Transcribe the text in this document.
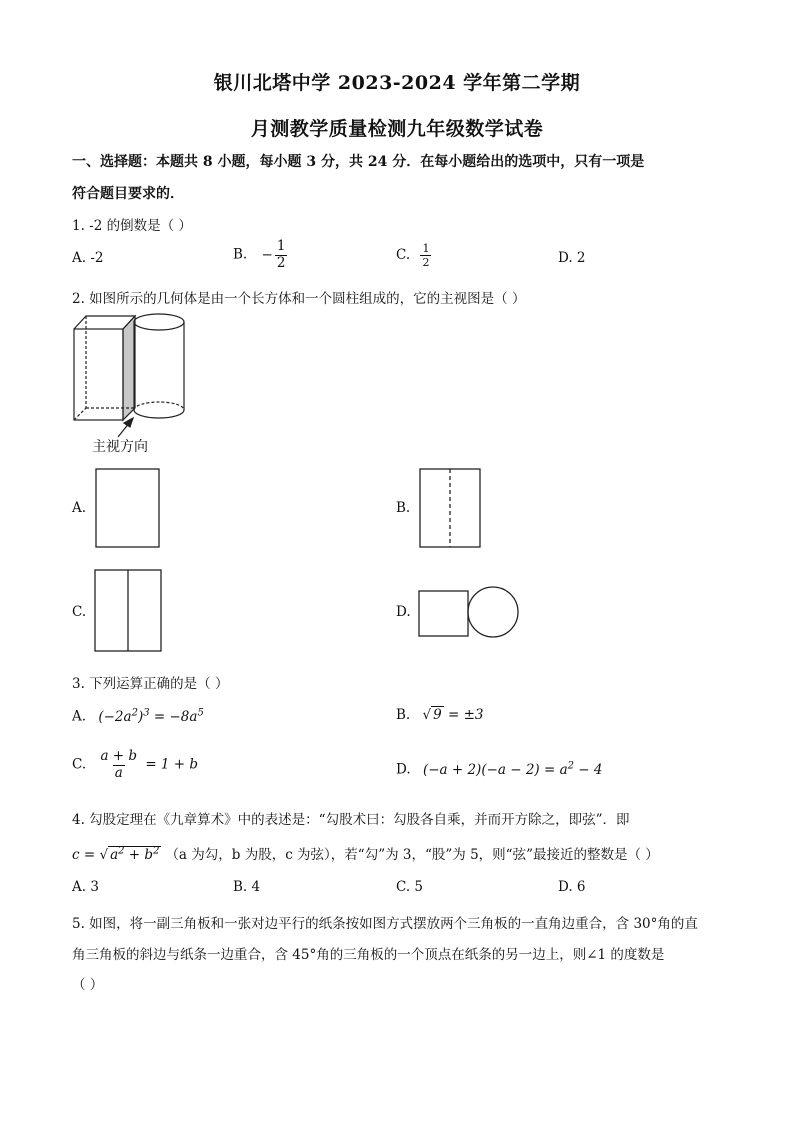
银川北塔中学 2023-2024 学年第二学期
月测教学质量检测九年级数学试卷
一、选择题：本题共 8 小题，每小题 3 分，共 24 分．在每小题给出的选项中，只有一项是
符合题目要求的．
1. -2 的倒数是（ ）
A. -2	B. − $\frac{1}{2}$	C. $\frac{1}{2}$	D. 2
2. 如图所示的几何体是由一个长方体和一个圆柱组成的，它的主视图是（ ）
主视方向
A.	B.
C.	D.
3. 下列运算正确的是（ ）
A. $(-2a^2)^3 = -8a^5$	B. √ 9 = ±3
C. $\frac{a + b}{a} = 1 + b$	D. $(-a + 2)(-a - 2) = a^2 - 4$
4. 勾股定理在《九章算术》中的表述是：“勾股术曰：勾股各自乘，并而开方除之，即弦”．即
c = √ $a^2 + b^2$ （a 为勾，b 为股，c 为弦），若“勾”为 3，“股”为 5，则“弦”最接近的整数是（ ）
A. 3	B. 4	C. 5	D. 6
5. 如图，将一副三角板和一张对边平行的纸条按如图方式摆放两个三角板的一直角边重合，含 30°角的直
角三角板的斜边与纸条一边重合，含 45°角的三角板的一个顶点在纸条的另一边上，则∠1 的度数是
（ ）
